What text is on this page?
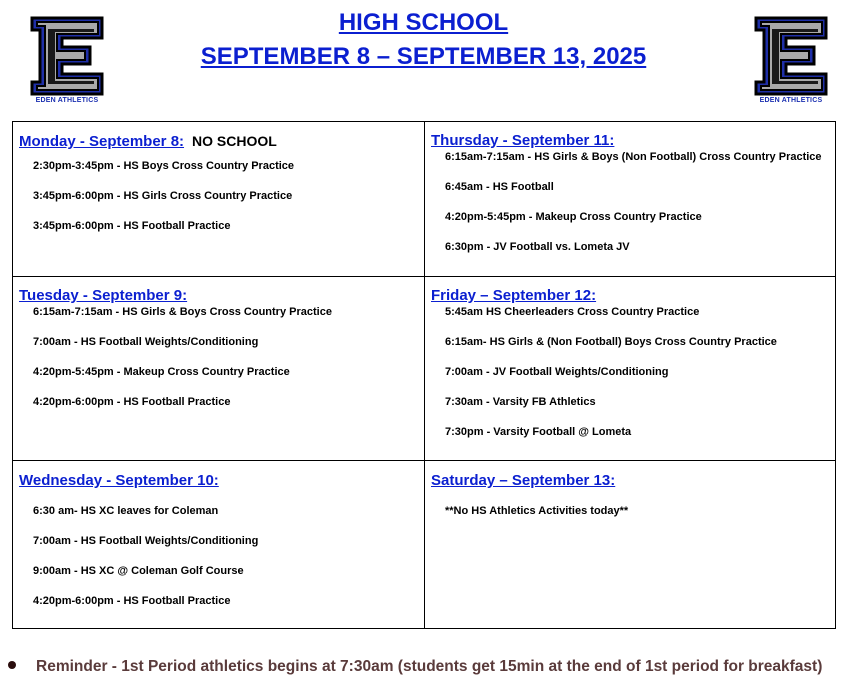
EDEN ATHLETICS	EDEN ATHLETICS
HIGH SCHOOL
SEPTEMBER 8 – SEPTEMBER 13, 2025
Monday - September 8: NO SCHOOL
2:30pm-3:45pm - HS Boys Cross Country Practice
3:45pm-6:00pm - HS Girls Cross Country Practice
3:45pm-6:00pm - HS Football Practice
Thursday - September 11:
6:15am-7:15am - HS Girls & Boys (Non Football) Cross Country Practice
6:45am - HS Football
4:20pm-5:45pm - Makeup Cross Country Practice
6:30pm - JV Football vs. Lometa JV
Tuesday - September 9:
6:15am-7:15am - HS Girls & Boys Cross Country Practice
7:00am - HS Football Weights/Conditioning
4:20pm-5:45pm - Makeup Cross Country Practice
4:20pm-6:00pm - HS Football Practice
Friday – September 12:
5:45am HS Cheerleaders Cross Country Practice
6:15am- HS Girls & (Non Football) Boys Cross Country Practice
7:00am - JV Football Weights/Conditioning
7:30am - Varsity FB Athletics
7:30pm - Varsity Football @ Lometa
Wednesday - September 10:
6:30 am- HS XC leaves for Coleman
7:00am - HS Football Weights/Conditioning
9:00am - HS XC @ Coleman Golf Course
4:20pm-6:00pm - HS Football Practice
Saturday – September 13:
**No HS Athletics Activities today**
Reminder - 1st Period athletics begins at 7:30am (students get 15min at the end of 1st period for breakfast)
